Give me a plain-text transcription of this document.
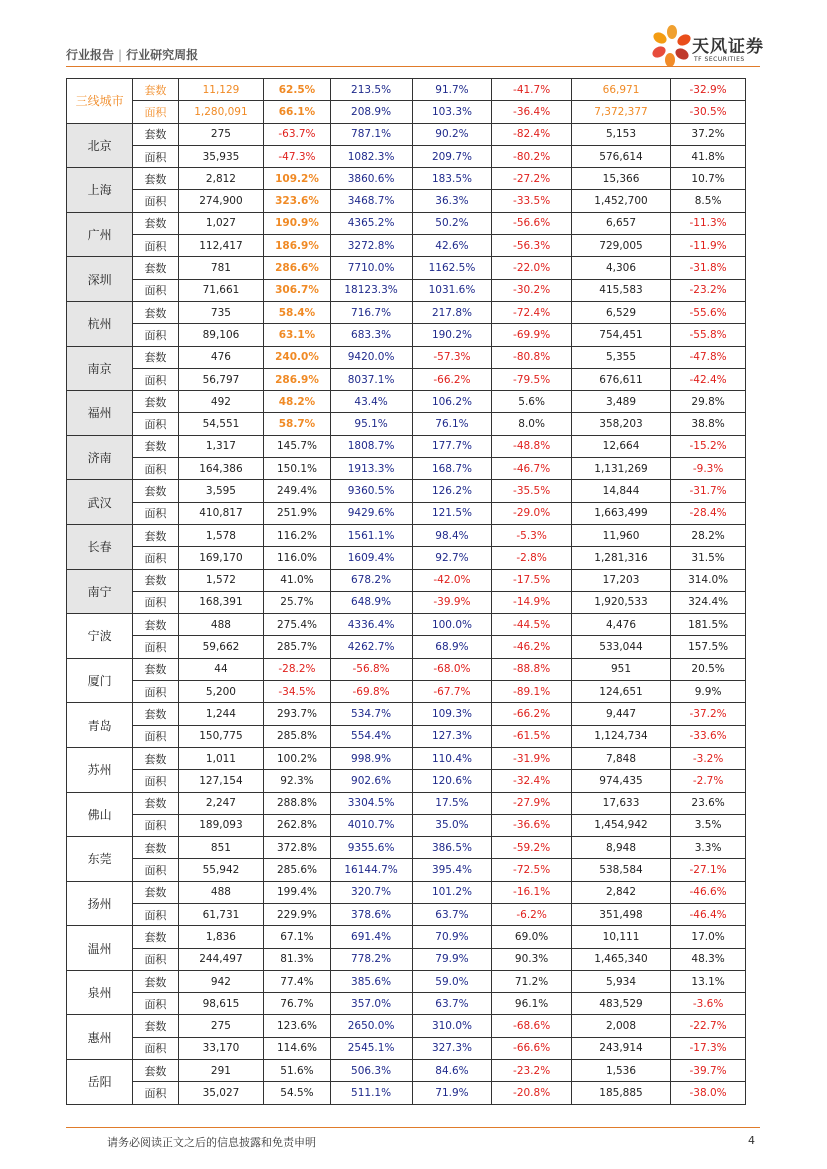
行业报告 | 行业研究周报	天风证券
TF SECURITIES
三线城市	套数	11,129	62.5%	213.5%	91.7%	-41.7%	66,971	-32.9%
	面积	1,280,091	66.1%	208.9%	103.3%	-36.4%	7,372,377	-30.5%
北京	套数	275	-63.7%	787.1%	90.2%	-82.4%	5,153	37.2%
	面积	35,935	-47.3%	1082.3%	209.7%	-80.2%	576,614	41.8%
上海	套数	2,812	109.2%	3860.6%	183.5%	-27.2%	15,366	10.7%
	面积	274,900	323.6%	3468.7%	36.3%	-33.5%	1,452,700	8.5%
广州	套数	1,027	190.9%	4365.2%	50.2%	-56.6%	6,657	-11.3%
	面积	112,417	186.9%	3272.8%	42.6%	-56.3%	729,005	-11.9%
深圳	套数	781	286.6%	7710.0%	1162.5%	-22.0%	4,306	-31.8%
	面积	71,661	306.7%	18123.3%	1031.6%	-30.2%	415,583	-23.2%
杭州	套数	735	58.4%	716.7%	217.8%	-72.4%	6,529	-55.6%
	面积	89,106	63.1%	683.3%	190.2%	-69.9%	754,451	-55.8%
南京	套数	476	240.0%	9420.0%	-57.3%	-80.8%	5,355	-47.8%
	面积	56,797	286.9%	8037.1%	-66.2%	-79.5%	676,611	-42.4%
福州	套数	492	48.2%	43.4%	106.2%	5.6%	3,489	29.8%
	面积	54,551	58.7%	95.1%	76.1%	8.0%	358,203	38.8%
济南	套数	1,317	145.7%	1808.7%	177.7%	-48.8%	12,664	-15.2%
	面积	164,386	150.1%	1913.3%	168.7%	-46.7%	1,131,269	-9.3%
武汉	套数	3,595	249.4%	9360.5%	126.2%	-35.5%	14,844	-31.7%
	面积	410,817	251.9%	9429.6%	121.5%	-29.0%	1,663,499	-28.4%
长春	套数	1,578	116.2%	1561.1%	98.4%	-5.3%	11,960	28.2%
	面积	169,170	116.0%	1609.4%	92.7%	-2.8%	1,281,316	31.5%
南宁	套数	1,572	41.0%	678.2%	-42.0%	-17.5%	17,203	314.0%
	面积	168,391	25.7%	648.9%	-39.9%	-14.9%	1,920,533	324.4%
宁波	套数	488	275.4%	4336.4%	100.0%	-44.5%	4,476	181.5%
	面积	59,662	285.7%	4262.7%	68.9%	-46.2%	533,044	157.5%
厦门	套数	44	-28.2%	-56.8%	-68.0%	-88.8%	951	20.5%
	面积	5,200	-34.5%	-69.8%	-67.7%	-89.1%	124,651	9.9%
青岛	套数	1,244	293.7%	534.7%	109.3%	-66.2%	9,447	-37.2%
	面积	150,775	285.8%	554.4%	127.3%	-61.5%	1,124,734	-33.6%
苏州	套数	1,011	100.2%	998.9%	110.4%	-31.9%	7,848	-3.2%
	面积	127,154	92.3%	902.6%	120.6%	-32.4%	974,435	-2.7%
佛山	套数	2,247	288.8%	3304.5%	17.5%	-27.9%	17,633	23.6%
	面积	189,093	262.8%	4010.7%	35.0%	-36.6%	1,454,942	3.5%
东莞	套数	851	372.8%	9355.6%	386.5%	-59.2%	8,948	3.3%
	面积	55,942	285.6%	16144.7%	395.4%	-72.5%	538,584	-27.1%
扬州	套数	488	199.4%	320.7%	101.2%	-16.1%	2,842	-46.6%
	面积	61,731	229.9%	378.6%	63.7%	-6.2%	351,498	-46.4%
温州	套数	1,836	67.1%	691.4%	70.9%	69.0%	10,111	17.0%
	面积	244,497	81.3%	778.2%	79.9%	90.3%	1,465,340	48.3%
泉州	套数	942	77.4%	385.6%	59.0%	71.2%	5,934	13.1%
	面积	98,615	76.7%	357.0%	63.7%	96.1%	483,529	-3.6%
惠州	套数	275	123.6%	2650.0%	310.0%	-68.6%	2,008	-22.7%
	面积	33,170	114.6%	2545.1%	327.3%	-66.6%	243,914	-17.3%
岳阳	套数	291	51.6%	506.3%	84.6%	-23.2%	1,536	-39.7%
	面积	35,027	54.5%	511.1%	71.9%	-20.8%	185,885	-38.0%
请务必阅读正文之后的信息披露和免责申明	4
